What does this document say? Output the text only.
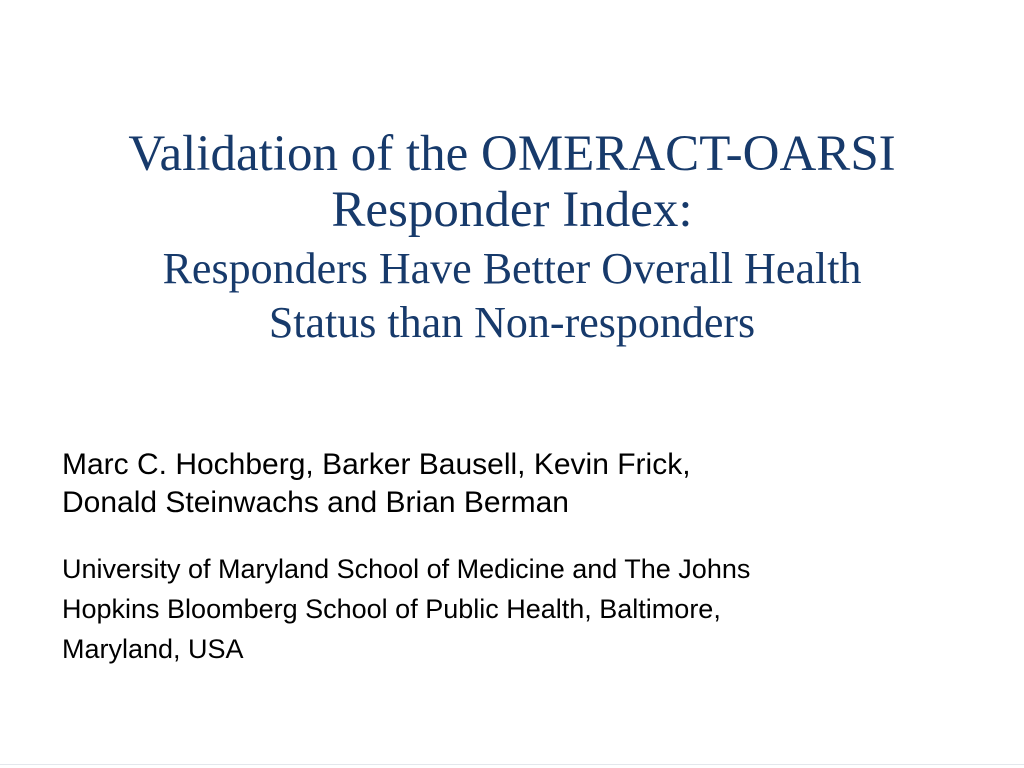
Validation of the OMERACT-OARSI
Responder Index:
Responders Have Better Overall Health
Status than Non-responders
Marc C. Hochberg, Barker Bausell, Kevin Frick,
Donald Steinwachs and Brian Berman
University of Maryland School of Medicine and The Johns
Hopkins Bloomberg School of Public Health, Baltimore,
Maryland, USA
